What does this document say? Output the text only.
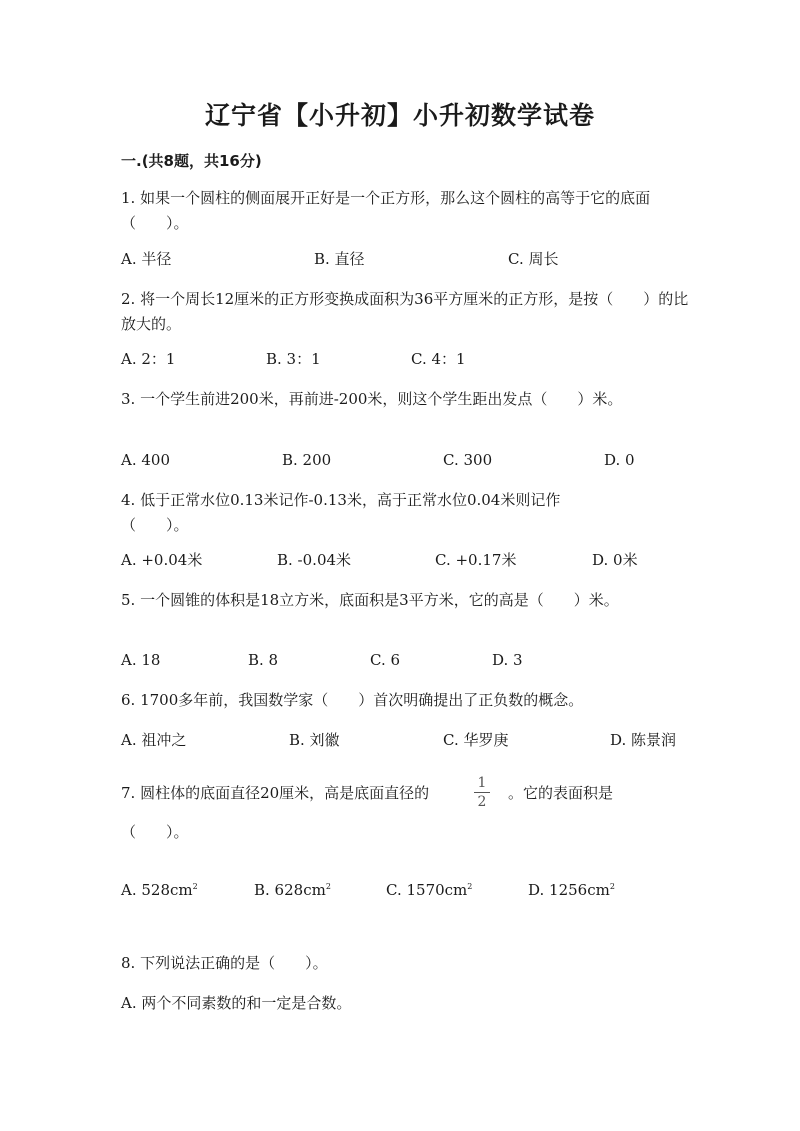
辽宁省【小升初】小升初数学试卷
一.(共8题，共16分)
1. 如果一个圆柱的侧面展开正好是一个正方形，那么这个圆柱的高等于它的底面（　　）。
A. 半径	B. 直径	C. 周长
2. 将一个周长12厘米的正方形变换成面积为36平方厘米的正方形，是按（　　）的比放大的。
A. 2：1	B. 3：1	C. 4：1
3. 一个学生前进200米，再前进-200米，则这个学生距出发点（　　）米。
A. 400	B. 200	C. 300	D. 0
4. 低于正常水位0.13米记作-0.13米，高于正常水位0.04米则记作（　　）。
A. +0.04米	B. -0.04米	C. +0.17米	D. 0米
5. 一个圆锥的体积是18立方米，底面积是3平方米，它的高是（　　）米。
A. 18	B. 8	C. 6	D. 3
6. 1700多年前，我国数学家（　　）首次明确提出了正负数的概念。
A. 祖冲之	B. 刘徽	C. 华罗庚	D. 陈景润
7. 圆柱体的底面直径20厘米，高是底面直径的
1
2 。它的表面积是
（　　）。
A. $528cm^2$	B. $628cm^2$	C. $1570cm^2$	D. $1256cm^2$
8. 下列说法正确的是（　　）。
A. 两个不同素数的和一定是合数。
